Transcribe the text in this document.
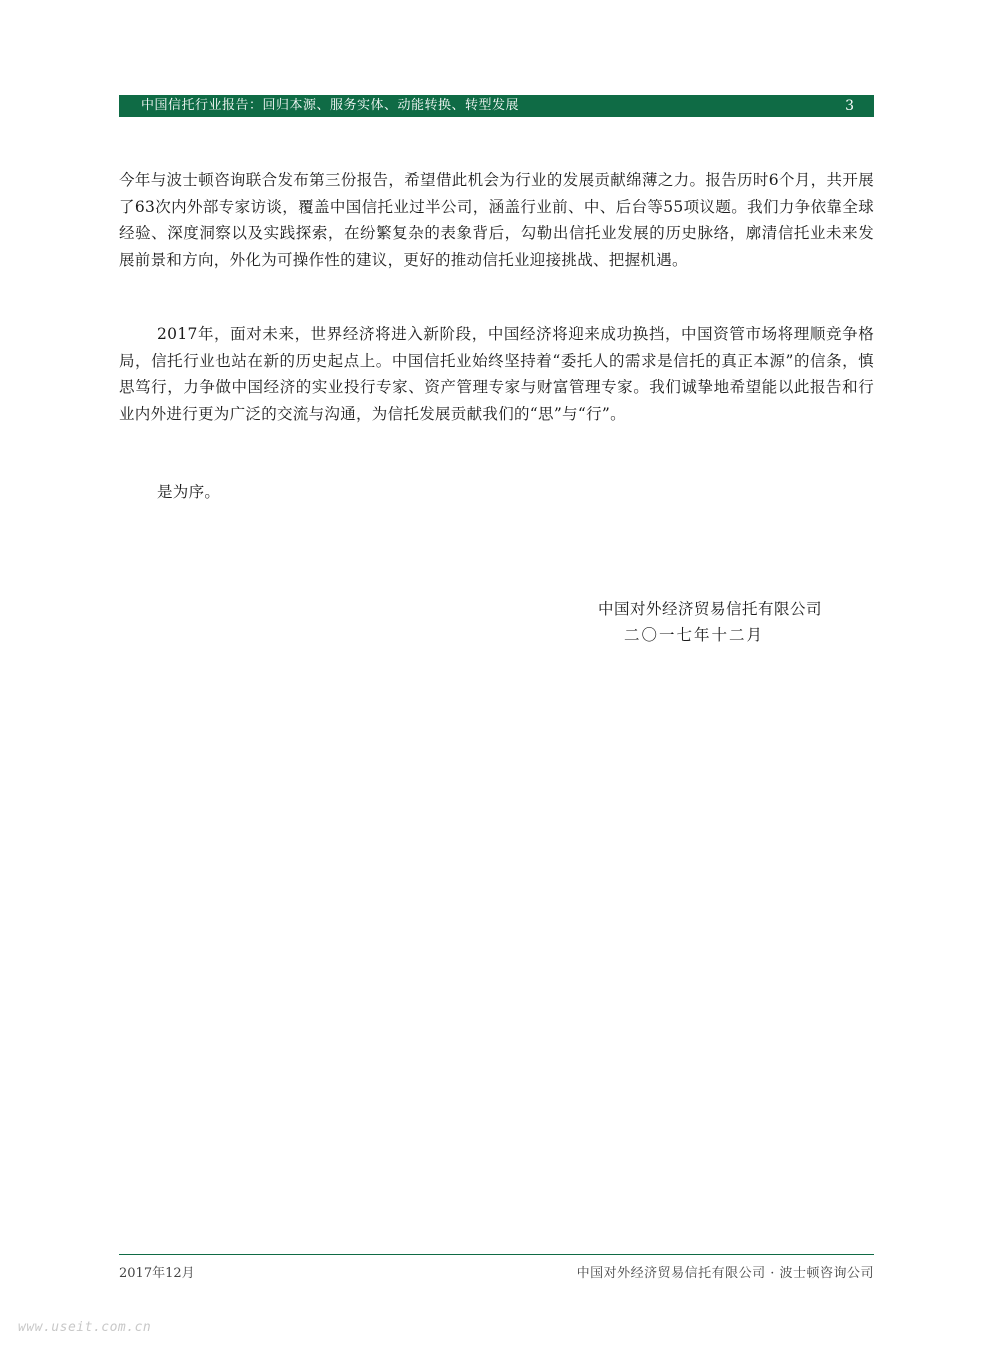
中国信托行业报告：回归本源、服务实体、动能转换、转型发展	3

今年与波士顿咨询联合发布第三份报告，希望借此机会为行业的发展贡献绵薄之力。报告历时6个月，共开展了63次内外部专家访谈，覆盖中国信托业过半公司，涵盖行业前、中、后台等55项议题。我们力争依靠全球经验、深度洞察以及实践探索，在纷繁复杂的表象背后，勾勒出信托业发展的历史脉络，廓清信托业未来发展前景和方向，外化为可操作性的建议，更好的推动信托业迎接挑战、把握机遇。

2017年，面对未来，世界经济将进入新阶段，中国经济将迎来成功换挡，中国资管市场将理顺竞争格局，信托行业也站在新的历史起点上。中国信托业始终坚持着“委托人的需求是信托的真正本源”的信条，慎思笃行，力争做中国经济的实业投行专家、资产管理专家与财富管理专家。我们诚挚地希望能以此报告和行业内外进行更为广泛的交流与沟通，为信托发展贡献我们的“思”与“行”。

是为序。

中国对外经济贸易信托有限公司
二〇一七年十二月
2017年12月	中国对外经济贸易信托有限公司 · 波士顿咨询公司
www.useit.com.cn
